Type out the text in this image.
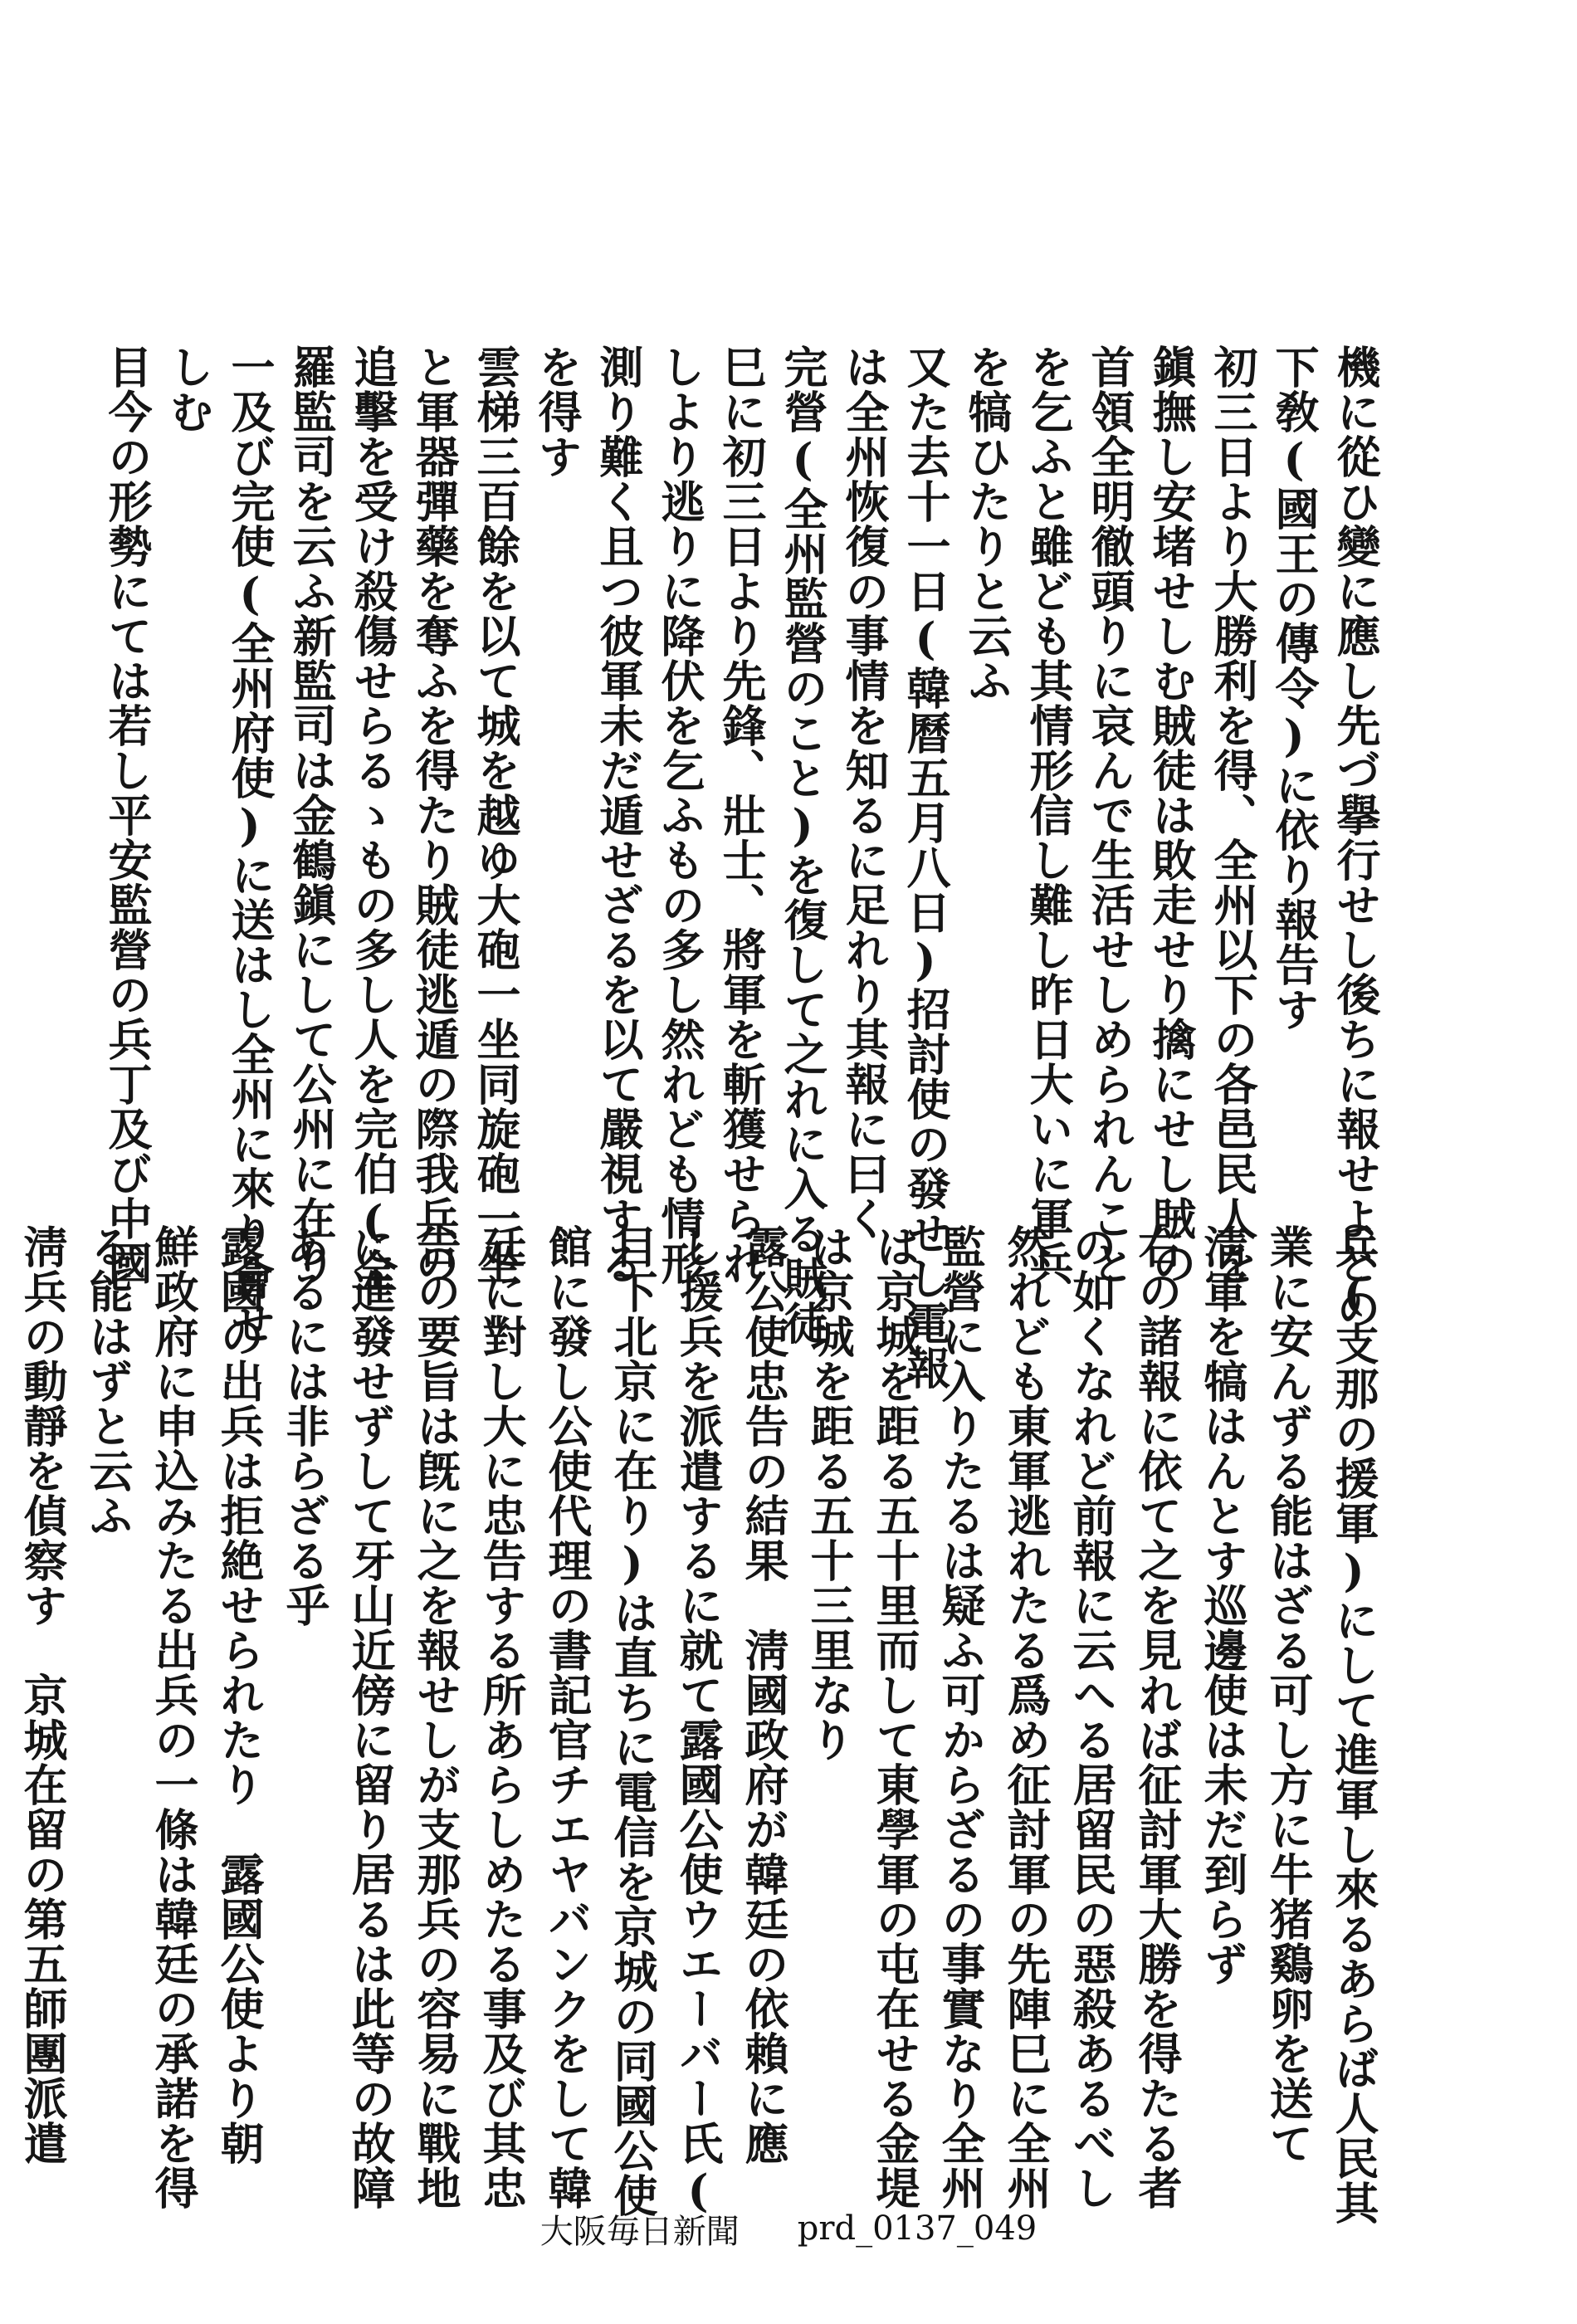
機に從ひ變に應し先づ擧行せし後ちに報せよとの
下敎(國王の傳令)に依り報告す
初三日より大勝利を得、全州以下の各邑民人を
鎭撫し安堵せしむ賊徒は敗走せり擒にせし賊の
首領全明徹頭りに哀んで生活せしめられんこと
を乞ふと雖ども其情形信し難し昨日大いに軍兵
を犒ひたりと云ふ
又た去十一日(韓曆五月八日)招討使の發せし電報
は全州恢復の事情を知るに足れり其報に曰く
完營(全州監營のこと)を復して之れに入る賊徒
巳に初三日より先鋒、壯士、將軍を斬獲せられ
しより逃りに降伏を乞ふもの多し然れども情形
測り難く且つ彼軍未だ遁せざるを以て嚴視する
を得す
雲梯三百餘を以て城を越ゆ大砲一坐同旋砲一坐
と軍器彈藥を奪ふを得たり賊徒逃遁の際我兵の
追擊を受け殺傷せらるゝもの多し人を完伯(全
羅監司を云ふ新監司は金鶴鎭にして公州に在り
一及び完使(全州府使)に送はし全州に來り會せ
しむ
目今の形勢にては若し平安監營の兵丁及び中國
兵(支那の援軍)にして進軍し來るあらば人民其
業に安んずる能はざる可し方に牛猪鷄卵を送て
淸軍を犒はんとす巡邊使は未だ到らず
右の諸報に依て之を見れば征討軍大勝を得たる者
の如くなれど前報に云へる居留民の惡殺あるべし
然れども東軍逃れたる爲め征討軍の先陣巳に全州
監營に入りたるは疑ふ可からざるの事實なり全州
は京城を距る五十里而して東學軍の屯在せる金堤
は京城を距る五十三里なり
露公使忠告の結果　淸國政府が韓廷の依賴に應
し援兵を派遣するに就て露國公使ウエーバー氏(
目下北京に在り)は直ちに電信を京城の同國公使
館に發し公使代理の書記官チエヤバンクをして韓
廷に對し大に忠告する所あらしめたる事及び其忠
告の要旨は旣に之を報せしが支那兵の容易に戰地
に進發せずして牙山近傍に留り居るは此等の故障
あるには非らざる乎
露國の出兵は拒絶せられたり　露國公使より朝
鮮政府に申込みたる出兵の一條は韓廷の承諾を得
る能はずと云ふ
淸兵の動靜を偵察す　京城在留の第五師團派遣
大阪毎日新聞 prd_0137_049
